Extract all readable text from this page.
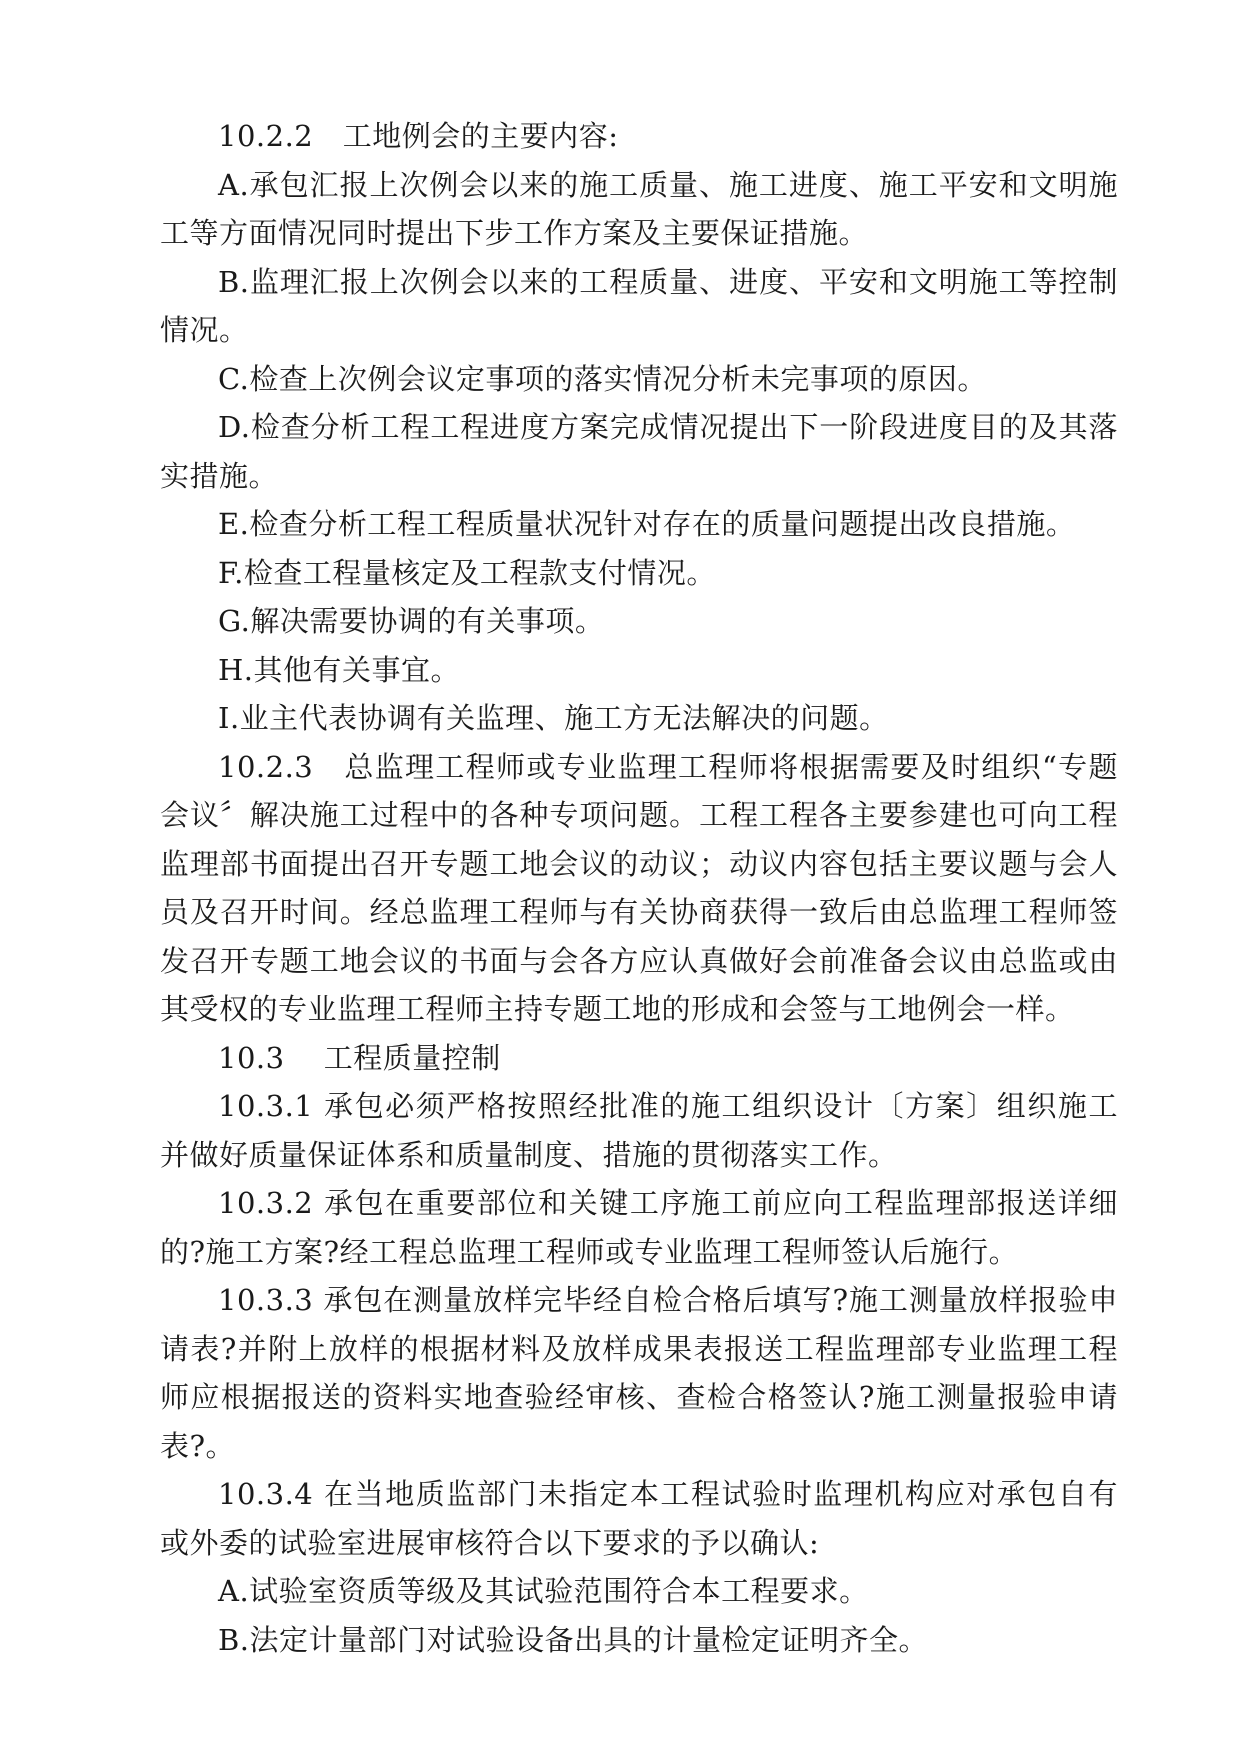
10.2.2　工地例会的主要内容:

A.承包汇报上次例会以来的施工质量、施工进度、施工平安和文明施工等方面情况同时提出下步工作方案及主要保证措施。

B.监理汇报上次例会以来的工程质量、进度、平安和文明施工等控制情况。

C.检查上次例会议定事项的落实情况分析未完事项的原因。

D.检查分析工程工程进度方案完成情况提出下一阶段进度目的及其落实措施。

E.检查分析工程工程质量状况针对存在的质量问题提出改良措施。

F.检查工程量核定及工程款支付情况。

G.解决需要协调的有关事项。

H.其他有关事宜。

I.业主代表协调有关监理、施工方无法解决的问题。

10.2.3　总监理工程师或专业监理工程师将根据需要及时组织“专题会议〞解决施工过程中的各种专项问题。工程工程各主要参建也可向工程监理部书面提出召开专题工地会议的动议；动议内容包括主要议题与会人员及召开时间。经总监理工程师与有关协商获得一致后由总监理工程师签发召开专题工地会议的书面与会各方应认真做好会前准备会议由总监或由其受权的专业监理工程师主持专题工地的形成和会签与工地例会一样。

10.3　 工程质量控制

10.3.1 承包必须严格按照经批准的施工组织设计〔方案〕组织施工并做好质量保证体系和质量制度、措施的贯彻落实工作。

10.3.2 承包在重要部位和关键工序施工前应向工程监理部报送详细的?施工方案?经工程总监理工程师或专业监理工程师签认后施行。

10.3.3 承包在测量放样完毕经自检合格后填写?施工测量放样报验申请表?并附上放样的根据材料及放样成果表报送工程监理部专业监理工程师应根据报送的资料实地查验经审核、查检合格签认?施工测量报验申请表?。

10.3.4 在当地质监部门未指定本工程试验时监理机构应对承包自有或外委的试验室进展审核符合以下要求的予以确认:

A.试验室资质等级及其试验范围符合本工程要求。

B.法定计量部门对试验设备出具的计量检定证明齐全。
